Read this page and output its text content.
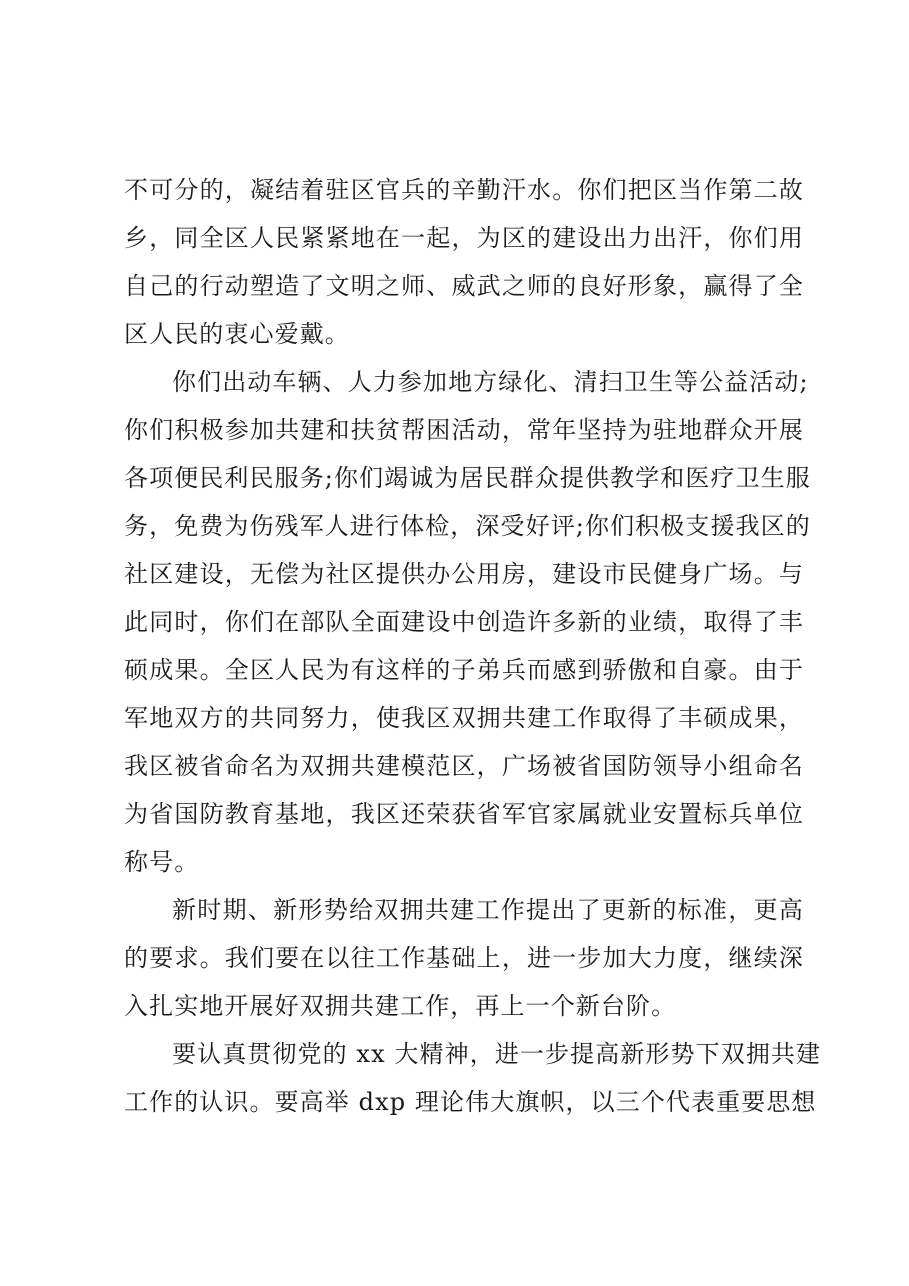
不可分的，凝结着驻区官兵的辛勤汗水。你们把区当作第二故
乡，同全区人民紧紧地在一起，为区的建设出力出汗，你们用
自己的行动塑造了文明之师、威武之师的良好形象，赢得了全
区人民的衷心爱戴。
你们出动车辆、人力参加地方绿化、清扫卫生等公益活动;
你们积极参加共建和扶贫帮困活动，常年坚持为驻地群众开展
各项便民利民服务;你们竭诚为居民群众提供教学和医疗卫生服
务，免费为伤残军人进行体检，深受好评;你们积极支援我区的
社区建设，无偿为社区提供办公用房，建设市民健身广场。与
此同时，你们在部队全面建设中创造许多新的业绩，取得了丰
硕成果。全区人民为有这样的子弟兵而感到骄傲和自豪。由于
军地双方的共同努力，使我区双拥共建工作取得了丰硕成果，
我区被省命名为双拥共建模范区，广场被省国防领导小组命名
为省国防教育基地，我区还荣获省军官家属就业安置标兵单位
称号。
新时期、新形势给双拥共建工作提出了更新的标准，更高
的要求。我们要在以往工作基础上，进一步加大力度，继续深
入扎实地开展好双拥共建工作，再上一个新台阶。
要认真贯彻党的 xx 大精神，进一步提高新形势下双拥共建
工作的认识。要高举 dxp 理论伟大旗帜，以三个代表重要思想
